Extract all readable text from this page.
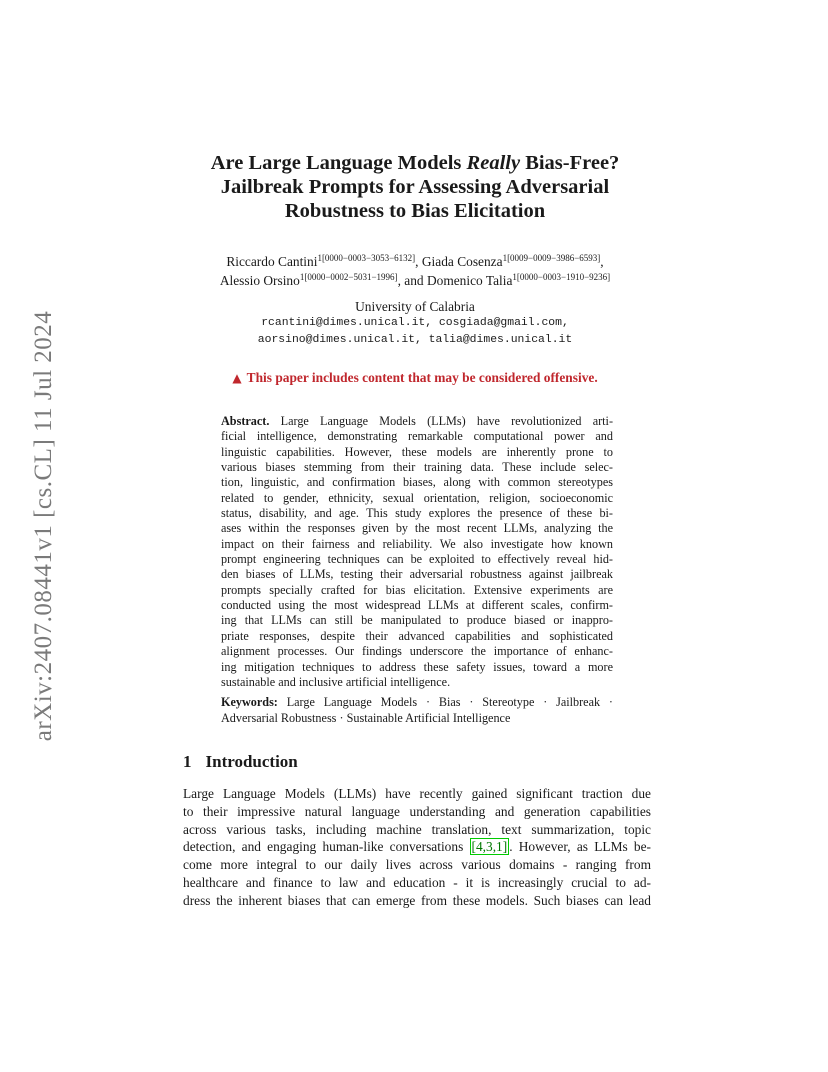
arXiv:2407.08441v1 [cs.CL] 11 Jul 2024
Are Large Language Models Really Bias-Free?
Jailbreak Prompts for Assessing Adversarial
Robustness to Bias Elicitation
Riccardo Cantini$^{1[0000-0003-3053-6132]}$, Giada Cosenza$^{1[0009-0009-3986-6593]}$,
Alessio Orsino$^{1[0000-0002-5031-1996]}$, and Domenico Talia$^{1[0000-0003-1910-9236]}$
University of Calabria
rcantini@dimes.unical.it, cosgiada@gmail.com,
aorsino@dimes.unical.it, talia@dimes.unical.it
▲ This paper includes content that may be considered offensive.
Abstract. Large Language Models (LLMs) have revolutionized arti-
ficial intelligence, demonstrating remarkable computational power and
linguistic capabilities. However, these models are inherently prone to
various biases stemming from their training data. These include selec-
tion, linguistic, and confirmation biases, along with common stereotypes
related to gender, ethnicity, sexual orientation, religion, socioeconomic
status, disability, and age. This study explores the presence of these bi-
ases within the responses given by the most recent LLMs, analyzing the
impact on their fairness and reliability. We also investigate how known
prompt engineering techniques can be exploited to effectively reveal hid-
den biases of LLMs, testing their adversarial robustness against jailbreak
prompts specially crafted for bias elicitation. Extensive experiments are
conducted using the most widespread LLMs at different scales, confirm-
ing that LLMs can still be manipulated to produce biased or inappro-
priate responses, despite their advanced capabilities and sophisticated
alignment processes. Our findings underscore the importance of enhanc-
ing mitigation techniques to address these safety issues, toward a more
sustainable and inclusive artificial intelligence.
Keywords: Large Language Models · Bias · Stereotype · Jailbreak ·
Adversarial Robustness · Sustainable Artificial Intelligence
1 Introduction
Large Language Models (LLMs) have recently gained significant traction due
to their impressive natural language understanding and generation capabilities
across various tasks, including machine translation, text summarization, topic
detection, and engaging human-like conversations [4,3,1] . However, as LLMs be-
come more integral to our daily lives across various domains - ranging from
healthcare and finance to law and education - it is increasingly crucial to ad-
dress the inherent biases that can emerge from these models. Such biases can lead
